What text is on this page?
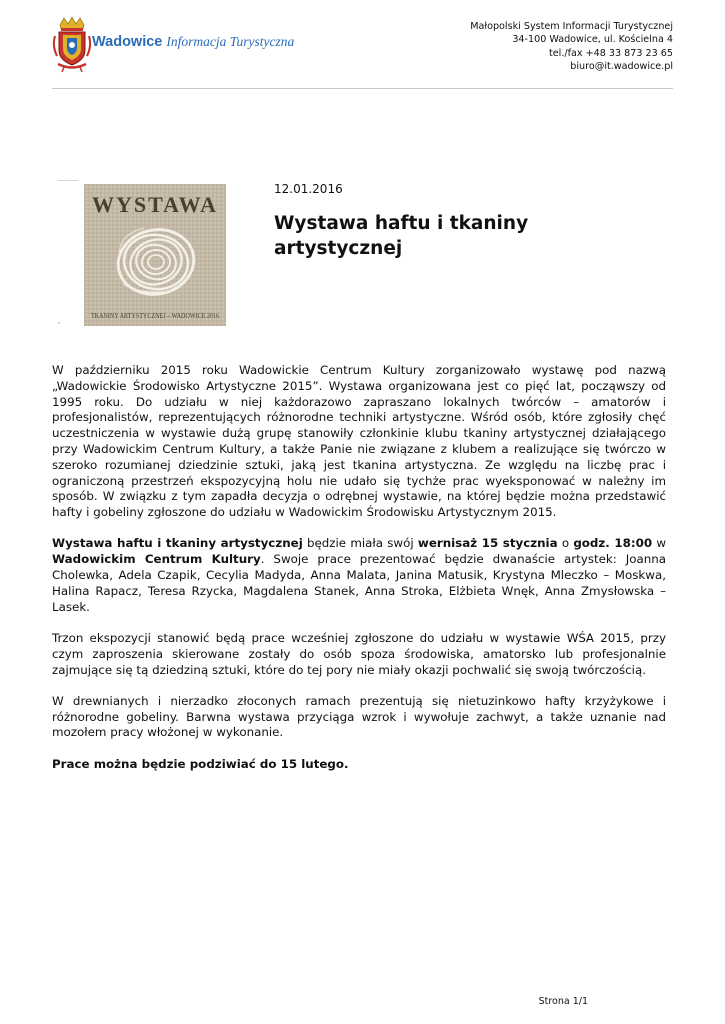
Wadowice Informacja Turystyczna
Małopolski System Informacji Turystycznej
34-100 Wadowice, ul. Kościelna 4
tel./fax +48 33 873 23 65
biuro@it.wadowice.pl
WYSTAWA
TKANINY ARTYSTYCZNEJ – WADOWICE 2016
12.01.2016
Wystawa haftu i tkaniny artystycznej

W październiku 2015 roku Wadowickie Centrum Kultury zorganizowało wystawę pod nazwą „Wadowickie Środowisko Artystyczne 2015”. Wystawa organizowana jest co pięć lat, począwszy od 1995 roku. Do udziału w niej każdorazowo zapraszano lokalnych twórców – amatorów i profesjonalistów, reprezentujących różnorodne techniki artystyczne. Wśród osób, które zgłosiły chęć uczestniczenia w wystawie dużą grupę stanowiły członkinie klubu tkaniny artystycznej działającego przy Wadowickim Centrum Kultury, a także Panie nie związane z klubem a realizujące się twórczo w szeroko rozumianej dziedzinie sztuki, jaką jest tkanina artystyczna. Ze względu na liczbę prac i ograniczoną przestrzeń ekspozycyjną holu nie udało się tychże prac wyeksponować w należny im sposób. W związku z tym zapadła decyzja o odrębnej wystawie, na której będzie można przedstawić hafty i gobeliny zgłoszone do udziału w Wadowickim Środowisku Artystycznym 2015.

Wystawa haftu i tkaniny artystycznej będzie miała swój wernisaż 15 stycznia o godz. 18:00 w Wadowickim Centrum Kultury. Swoje prace prezentować będzie dwanaście artystek: Joanna Cholewka, Adela Czapik, Cecylia Madyda, Anna Malata, Janina Matusik, Krystyna Mleczko – Moskwa, Halina Rapacz, Teresa Rzycka, Magdalena Stanek, Anna Stroka, Elżbieta Wnęk, Anna Zmysłowska – Lasek.

Trzon ekspozycji stanowić będą prace wcześniej zgłoszone do udziału w wystawie WŚA 2015, przy czym zaproszenia skierowane zostały do osób spoza środowiska, amatorsko lub profesjonalnie zajmujące się tą dziedziną sztuki, które do tej pory nie miały okazji pochwalić się swoją twórczością.

W drewnianych i nierzadko złoconych ramach prezentują się nietuzinkowo hafty krzyżykowe i różnorodne gobeliny. Barwna wystawa przyciąga wzrok i wywołuje zachwyt, a także uznanie nad mozołem pracy włożonej w wykonanie.

Prace można będzie podziwiać do 15 lutego.

Strona 1/1
